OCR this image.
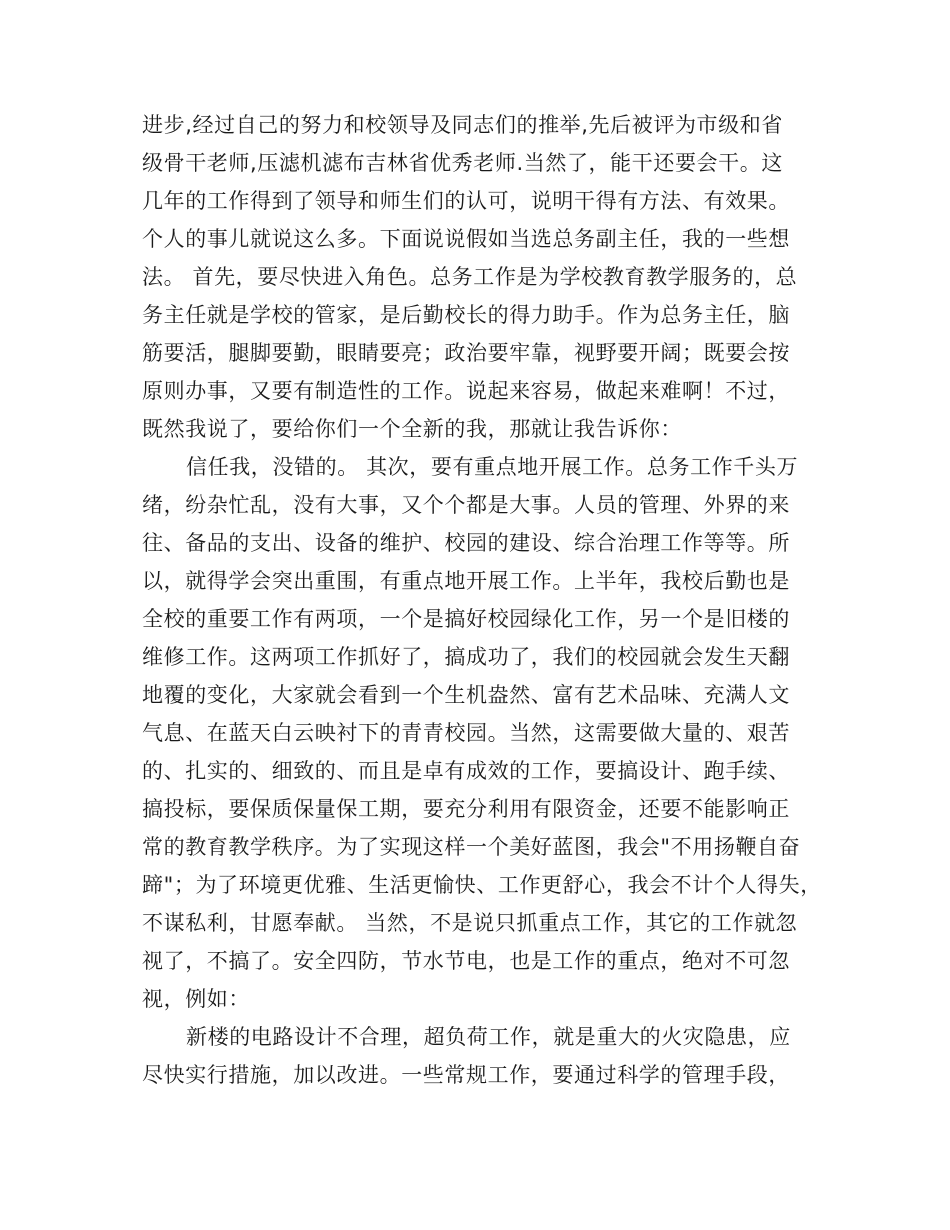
进步,经过自己的努力和校领导及同志们的推举,先后被评为市级和省
级骨干老师,压滤机滤布吉林省优秀老师.当然了，能干还要会干。这
几年的工作得到了领导和师生们的认可，说明干得有方法、有效果。
个人的事儿就说这么多。下面说说假如当选总务副主任，我的一些想
法。 首先，要尽快进入角色。总务工作是为学校教育教学服务的，总
务主任就是学校的管家，是后勤校长的得力助手。作为总务主任，脑
筋要活，腿脚要勤，眼睛要亮；政治要牢靠，视野要开阔；既要会按
原则办事，又要有制造性的工作。说起来容易，做起来难啊！不过，
既然我说了，要给你们一个全新的我，那就让我告诉你：
信任我，没错的。 其次，要有重点地开展工作。总务工作千头万
绪，纷杂忙乱，没有大事，又个个都是大事。人员的管理、外界的来
往、备品的支出、设备的维护、校园的建设、综合治理工作等等。所
以，就得学会突出重围，有重点地开展工作。上半年，我校后勤也是
全校的重要工作有两项，一个是搞好校园绿化工作，另一个是旧楼的
维修工作。这两项工作抓好了，搞成功了，我们的校园就会发生天翻
地覆的变化，大家就会看到一个生机盎然、富有艺术品味、充满人文
气息、在蓝天白云映衬下的青青校园。当然，这需要做大量的、艰苦
的、扎实的、细致的、而且是卓有成效的工作，要搞设计、跑手续、
搞投标，要保质保量保工期，要充分利用有限资金，还要不能影响正
常的教育教学秩序。为了实现这样一个美好蓝图，我会"不用扬鞭自奋
蹄"；为了环境更优雅、生活更愉快、工作更舒心，我会不计个人得失，
不谋私利，甘愿奉献。 当然，不是说只抓重点工作，其它的工作就忽
视了，不搞了。安全四防，节水节电，也是工作的重点，绝对不可忽
视，例如：
新楼的电路设计不合理，超负荷工作，就是重大的火灾隐患，应
尽快实行措施，加以改进。一些常规工作，要通过科学的管理手段，
